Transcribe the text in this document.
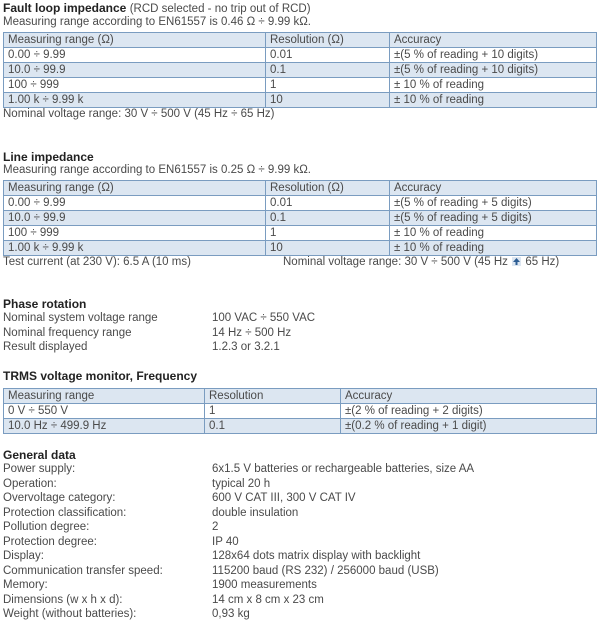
Fault loop impedance (RCD selected - no trip out of RCD)
Measuring range according to EN61557 is 0.46 Ω ÷ 9.99 kΩ.
Measuring range (Ω)	Resolution (Ω)	Accuracy
0.00 ÷ 9.99	0.01	±(5 % of reading + 10 digits)
10.0 ÷ 99.9	0.1	±(5 % of reading + 10 digits)
100 ÷ 999	1	± 10 % of reading
1.00 k ÷ 9.99 k	10	± 10 % of reading
Nominal voltage range: 30 V ÷ 500 V (45 Hz ÷ 65 Hz)
Line impedance
Measuring range according to EN61557 is 0.25 Ω ÷ 9.99 kΩ.
Measuring range (Ω)	Resolution (Ω)	Accuracy
0.00 ÷ 9.99	0.01	±(5 % of reading + 5 digits)
10.0 ÷ 99.9	0.1	±(5 % of reading + 5 digits)
100 ÷ 999	1	± 10 % of reading
1.00 k ÷ 9.99 k	10	± 10 % of reading
Test current (at 230 V): 6.5 A (10 ms)	Nominal voltage range: 30 V ÷ 500 V (45 Hz 65 Hz)
Phase rotation
Nominal system voltage range	100 VAC ÷ 550 VAC
Nominal frequency range	14 Hz ÷ 500 Hz
Result displayed	1.2.3 or 3.2.1
TRMS voltage monitor, Frequency
Measuring range	Resolution	Accuracy
0 V ÷ 550 V	1	±(2 % of reading + 2 digits)
10.0 Hz ÷ 499.9 Hz	0.1	±(0.2 % of reading + 1 digit)
General data
Power supply:	6x1.5 V batteries or rechargeable batteries, size AA
Operation:	typical 20 h
Overvoltage category:	600 V CAT III, 300 V CAT IV
Protection classification:	double insulation
Pollution degree:	2
Protection degree:	IP 40
Display:	128x64 dots matrix display with backlight
Communication transfer speed:	115200 baud (RS 232) / 256000 baud (USB)
Memory:	1900 measurements
Dimensions (w x h x d):	14 cm x 8 cm x 23 cm
Weight (without batteries):	0,93 kg
